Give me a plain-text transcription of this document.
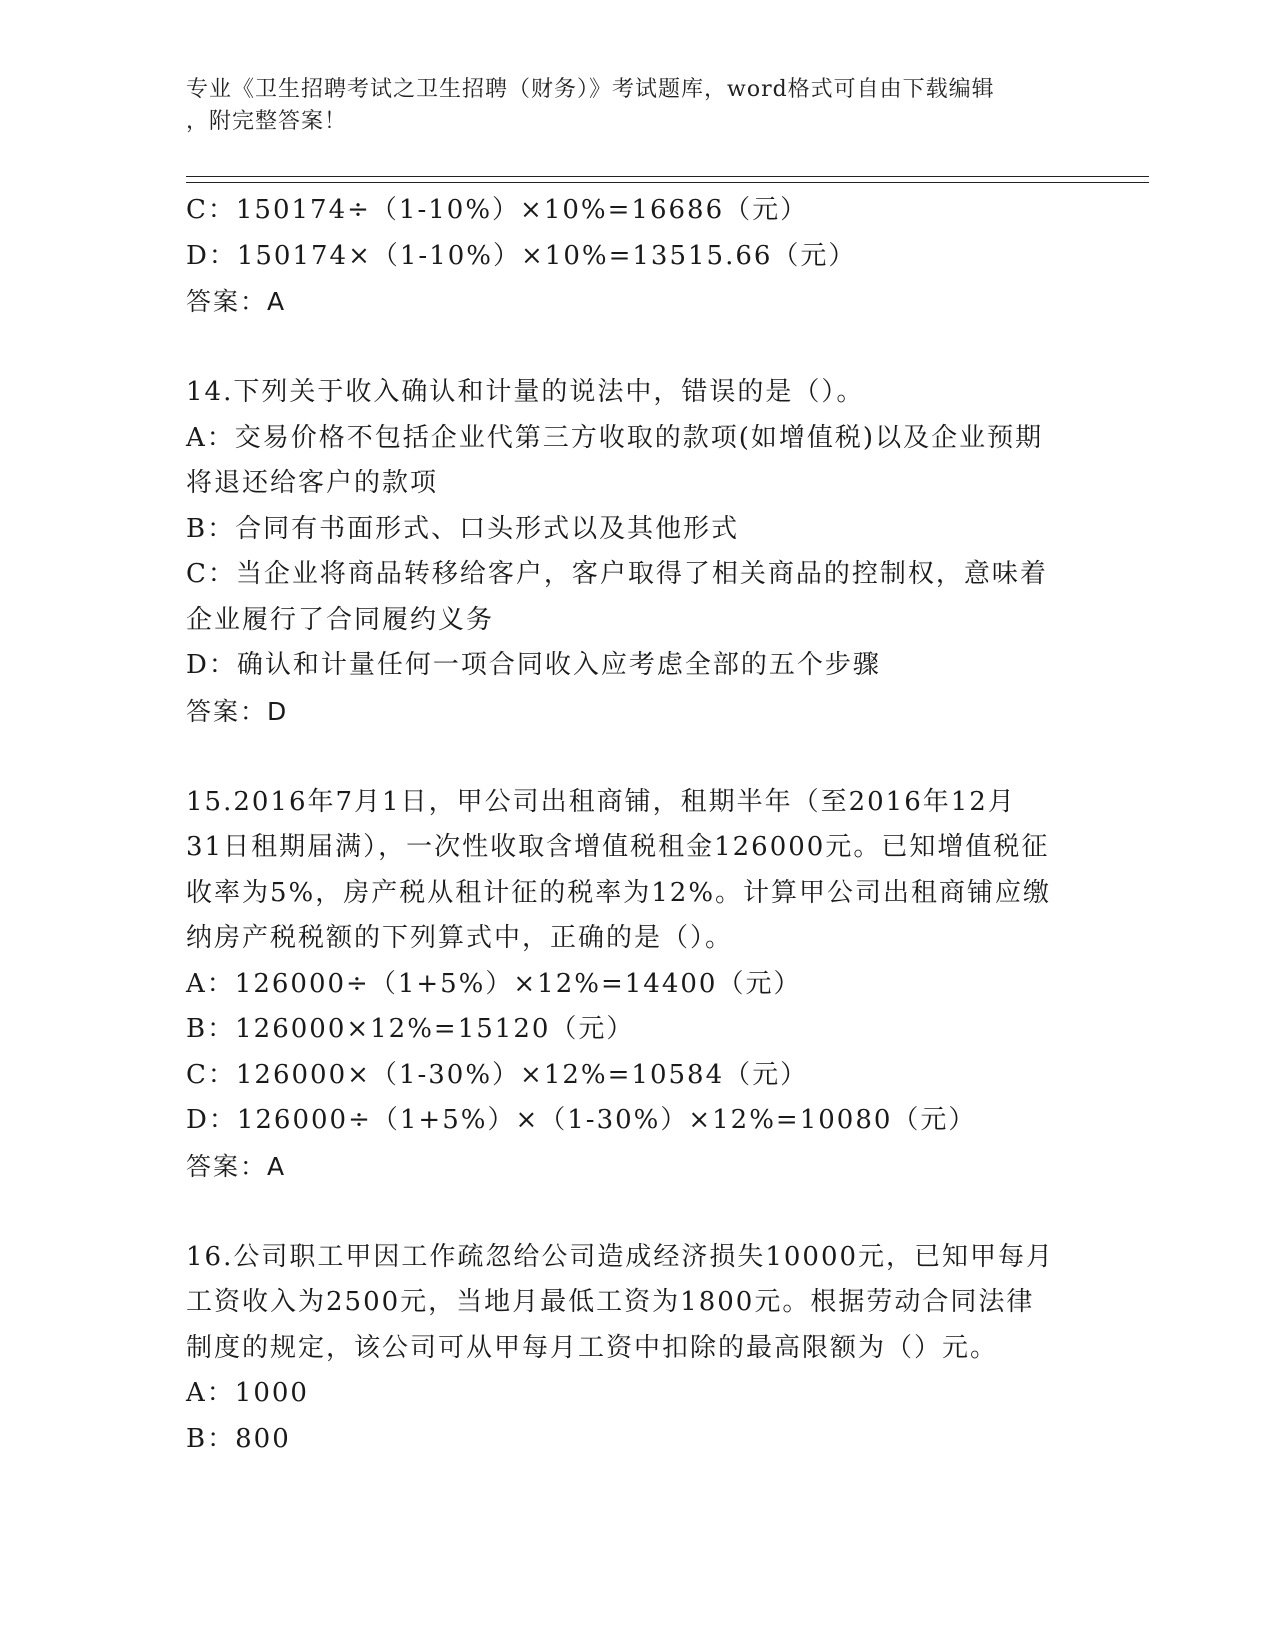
专业《卫生招聘考试之卫生招聘（财务）》考试题库，word格式可自由下载编辑
，附完整答案！
C：150174÷（1-10%）×10%=16686（元）
D：150174×（1-10%）×10%=13515.66（元）
答案：A
14.下列关于收入确认和计量的说法中，错误的是（）。
A：交易价格不包括企业代第三方收取的款项(如增值税)以及企业预期
将退还给客户的款项
B：合同有书面形式、口头形式以及其他形式
C：当企业将商品转移给客户，客户取得了相关商品的控制权，意味着
企业履行了合同履约义务
D：确认和计量任何一项合同收入应考虑全部的五个步骤
答案：D
15.2016年7月1日，甲公司出租商铺，租期半年（至2016年12月
31日租期届满），一次性收取含增值税租金126000元。已知增值税征
收率为5%，房产税从租计征的税率为12%。计算甲公司出租商铺应缴
纳房产税税额的下列算式中，正确的是（）。
A：126000÷（1+5%）×12%=14400（元）
B：126000×12%=15120（元）
C：126000×（1-30%）×12%=10584（元）
D：126000÷（1+5%）×（1-30%）×12%=10080（元）
答案：A
16.公司职工甲因工作疏忽给公司造成经济损失10000元，已知甲每月
工资收入为2500元，当地月最低工资为1800元。根据劳动合同法律
制度的规定，该公司可从甲每月工资中扣除的最高限额为（）元。
A：1000
B：800
